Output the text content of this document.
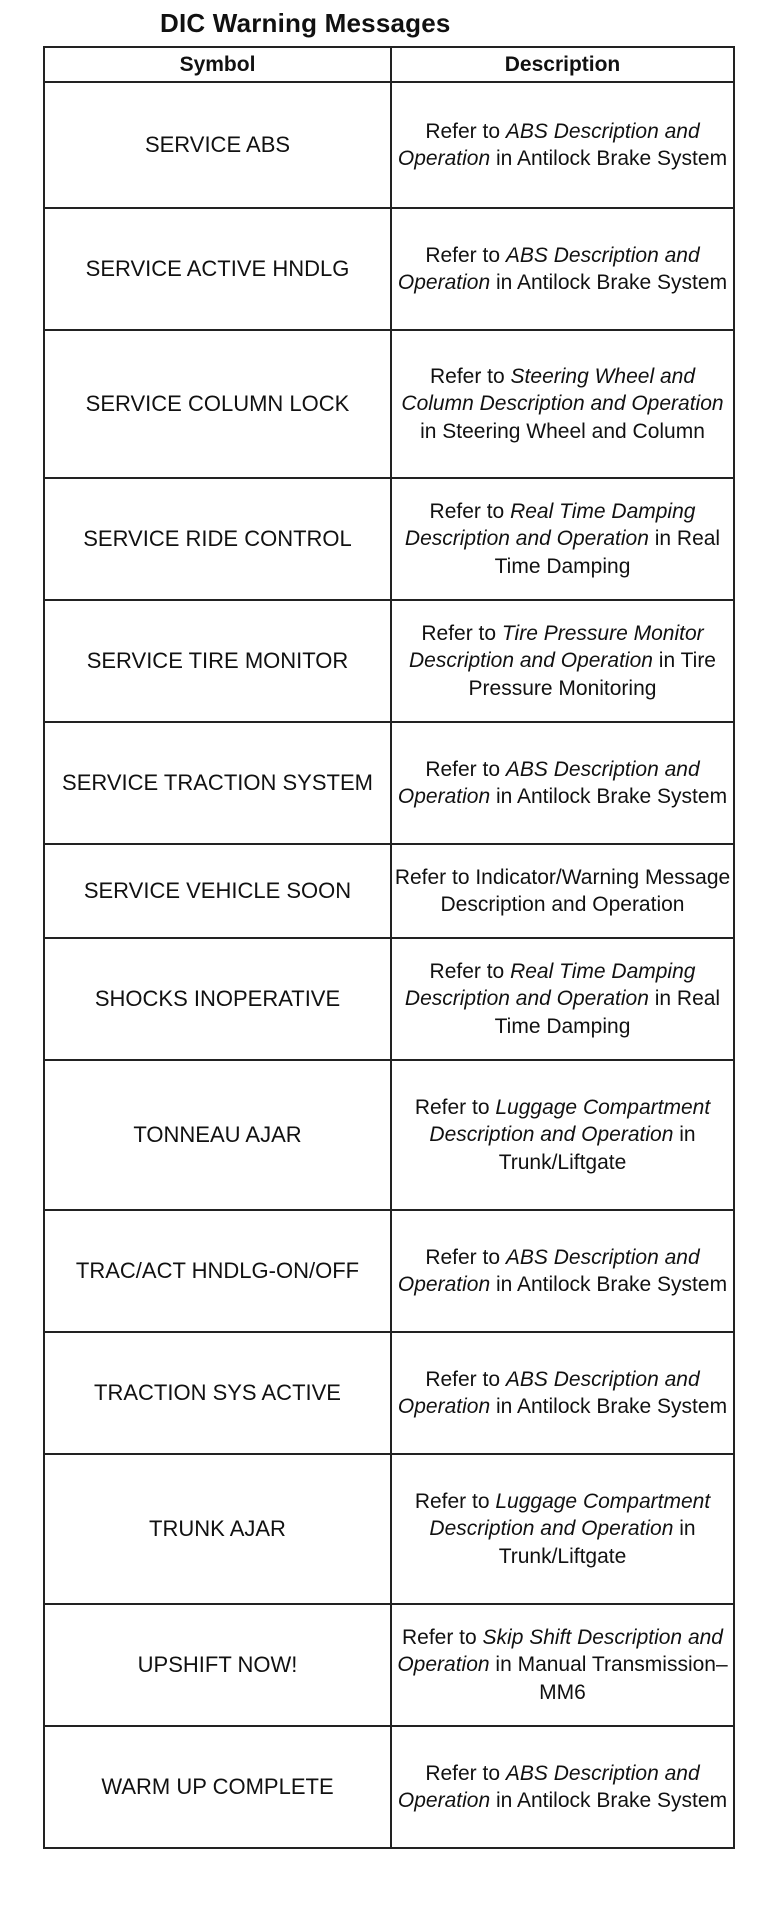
DIC Warning Messages
Symbol	Description
SERVICE ABS	Refer to ABS Description and Operation in Antilock Brake System
SERVICE ACTIVE HNDLG	Refer to ABS Description and Operation in Antilock Brake System
SERVICE COLUMN LOCK	Refer to Steering Wheel and Column Description and Operation in Steering Wheel and Column
SERVICE RIDE CONTROL	Refer to Real Time Damping Description and Operation in Real Time Damping
SERVICE TIRE MONITOR	Refer to Tire Pressure Monitor Description and Operation in Tire Pressure Monitoring
SERVICE TRACTION SYSTEM	Refer to ABS Description and Operation in Antilock Brake System
SERVICE VEHICLE SOON	Refer to Indicator/Warning Message Description and Operation
SHOCKS INOPERATIVE	Refer to Real Time Damping Description and Operation in Real Time Damping
TONNEAU AJAR	Refer to Luggage Compartment Description and Operation in Trunk/Liftgate
TRAC/ACT HNDLG-ON/OFF	Refer to ABS Description and Operation in Antilock Brake System
TRACTION SYS ACTIVE	Refer to ABS Description and Operation in Antilock Brake System
TRUNK AJAR	Refer to Luggage Compartment Description and Operation in Trunk/Liftgate
UPSHIFT NOW!	Refer to Skip Shift Description and Operation in Manual Transmission–MM6
WARM UP COMPLETE	Refer to ABS Description and Operation in Antilock Brake System
